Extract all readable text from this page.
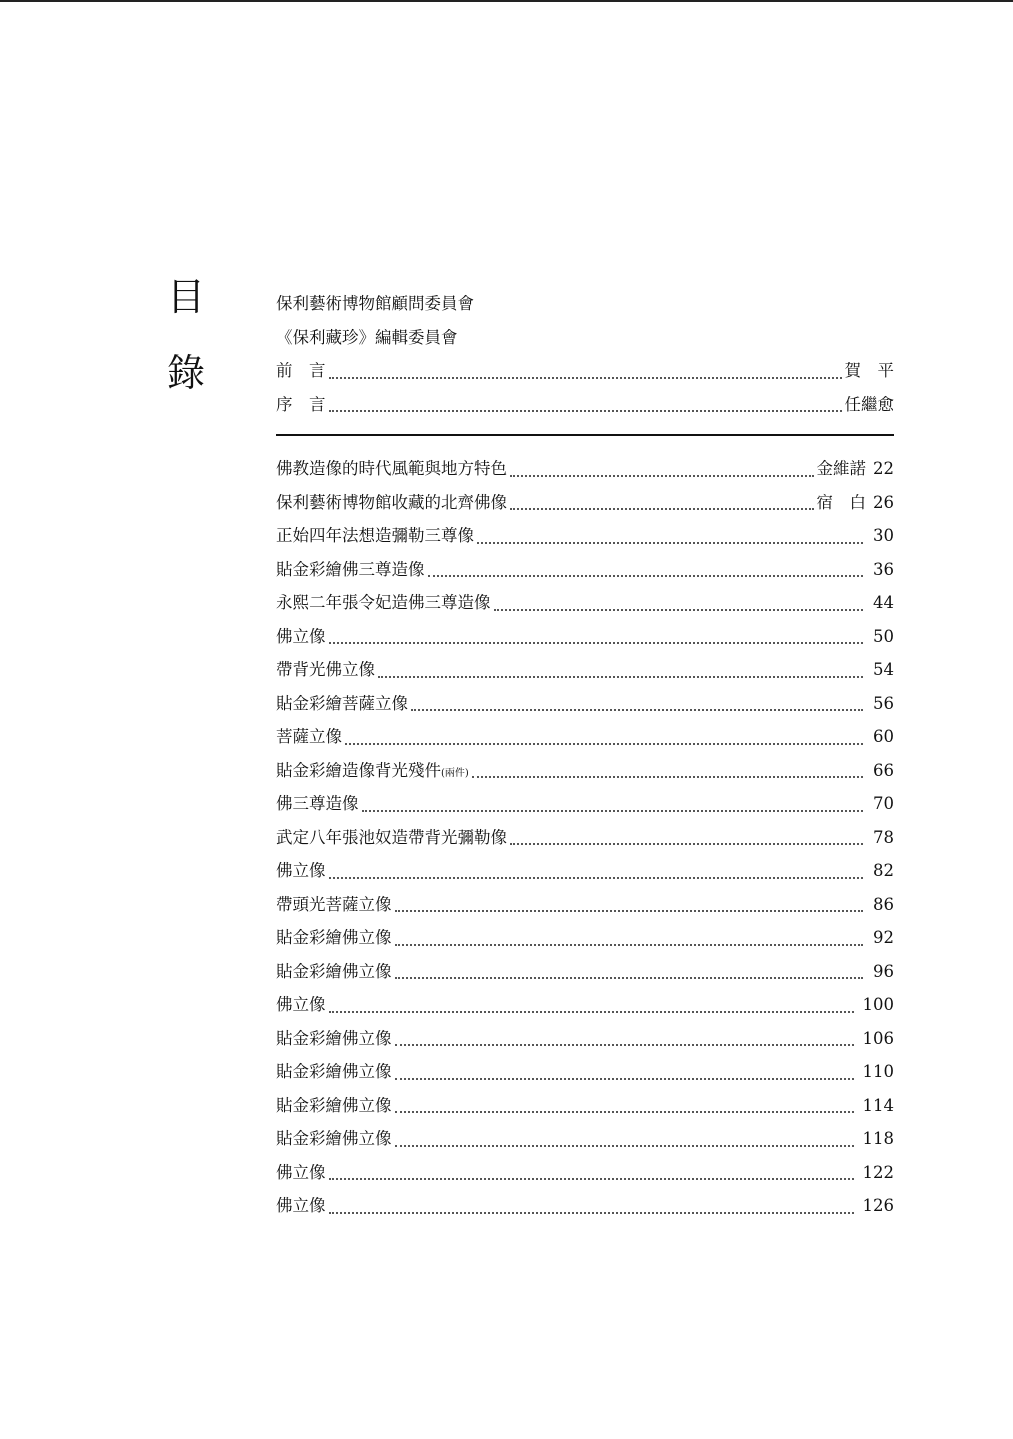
目
錄
保利藝術博物館顧問委員會
《保利藏珍》編輯委員會
前　言	賀　平
序　言	任繼愈
佛教造像的時代風範與地方特色	金維諾 22
保利藝術博物館收藏的北齊佛像	宿　白 26
正始四年法想造彌勒三尊像	30
貼金彩繪佛三尊造像	36
永熙二年張令妃造佛三尊造像	44
佛立像	50
帶背光佛立像	54
貼金彩繪菩薩立像	56
菩薩立像	60
貼金彩繪造像背光殘件(兩件)	66
佛三尊造像	70
武定八年張池奴造帶背光彌勒像	78
佛立像	82
帶頭光菩薩立像	86
貼金彩繪佛立像	92
貼金彩繪佛立像	96
佛立像	100
貼金彩繪佛立像	106
貼金彩繪佛立像	110
貼金彩繪佛立像	114
貼金彩繪佛立像	118
佛立像	122
佛立像	126
